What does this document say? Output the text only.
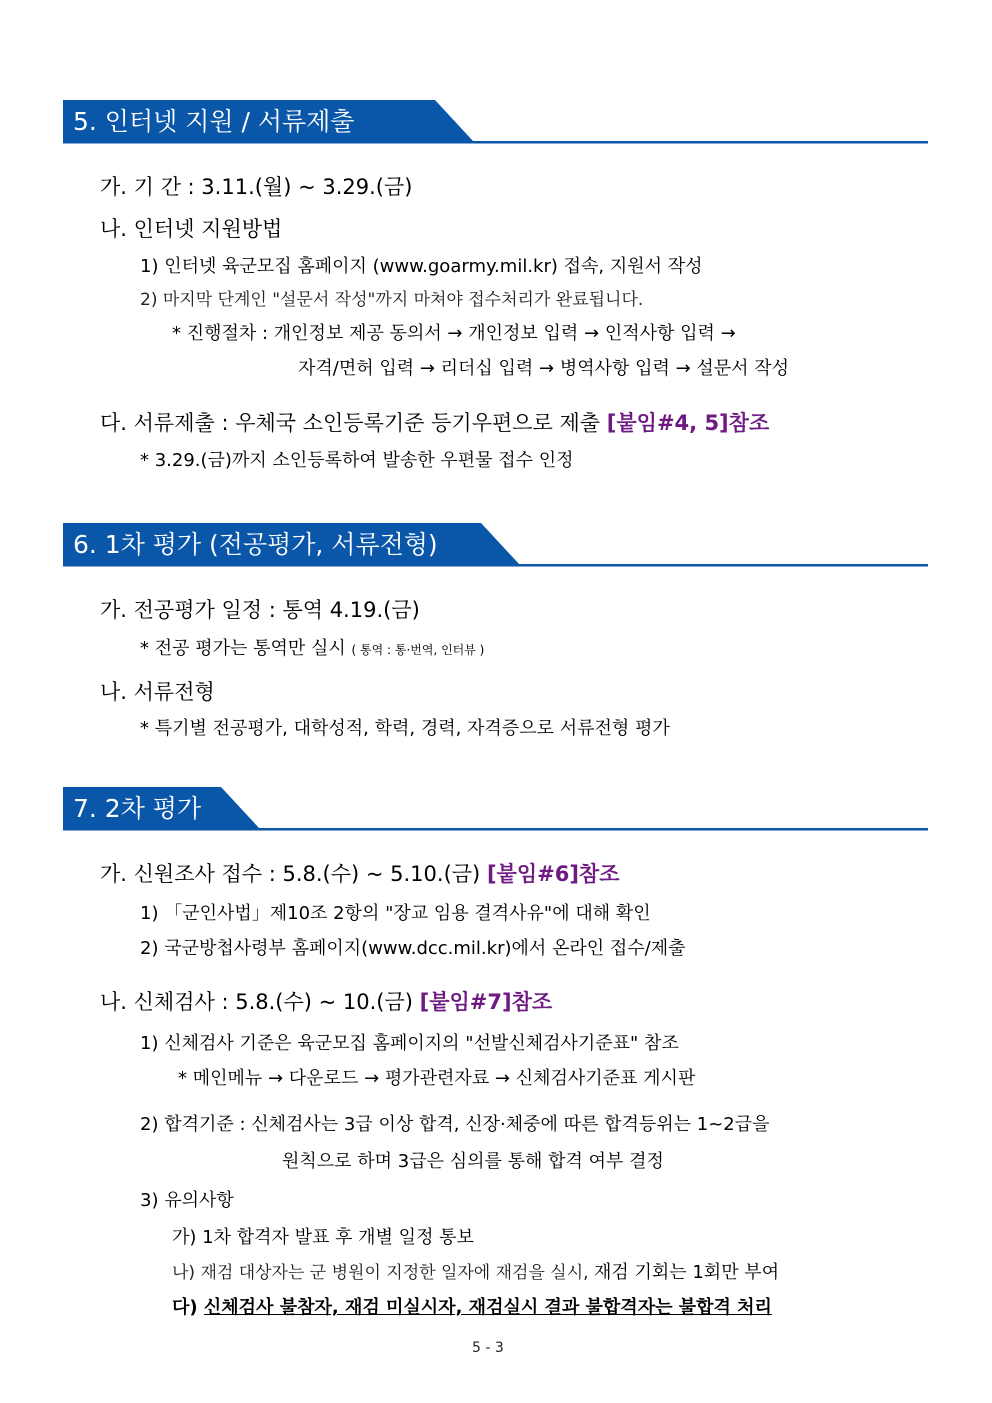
5. 인터넷 지원 / 서류제출
가. 기 간 : 3.11.(월) ~ 3.29.(금)
나. 인터넷 지원방법
1) 인터넷 육군모집 홈페이지 (www.goarmy.mil.kr) 접속, 지원서 작성
2) 마지막 단계인 "설문서 작성"까지 마쳐야 접수처리가 완료됩니다.
* 진행절차 : 개인정보 제공 동의서 → 개인정보 입력 → 인적사항 입력 →
자격/면허 입력 → 리더십 입력 → 병역사항 입력 → 설문서 작성
다. 서류제출 : 우체국 소인등록기준 등기우편으로 제출 [붙임#4, 5]참조
* 3.29.(금)까지 소인등록하여 발송한 우편물 접수 인정
6. 1차 평가 (전공평가, 서류전형)
가. 전공평가 일정 : 통역 4.19.(금)
* 전공 평가는 통역만 실시 ( 통역 : 통·번역, 인터뷰 )
나. 서류전형
* 특기별 전공평가, 대학성적, 학력, 경력, 자격증으로 서류전형 평가
7. 2차 평가
가. 신원조사 접수 : 5.8.(수) ~ 5.10.(금) [붙임#6]참조
1) 「군인사법」제10조 2항의 "장교 임용 결격사유"에 대해 확인
2) 국군방첩사령부 홈페이지(www.dcc.mil.kr)에서 온라인 접수/제출
나. 신체검사 : 5.8.(수) ~ 10.(금) [붙임#7]참조
1) 신체검사 기준은 육군모집 홈페이지의 "선발신체검사기준표" 참조
* 메인메뉴 → 다운로드 → 평가관련자료 → 신체검사기준표 게시판
2) 합격기준 : 신체검사는 3급 이상 합격, 신장·체중에 따른 합격등위는 1~2급을
원칙으로 하며 3급은 심의를 통해 합격 여부 결정
3) 유의사항
가) 1차 합격자 발표 후 개별 일정 통보
나) 재검 대상자는 군 병원이 지정한 일자에 재검을 실시, 재검 기회는 1회만 부여
다) 신체검사 불참자, 재검 미실시자, 재검실시 결과 불합격자는 불합격 처리
5 - 3
